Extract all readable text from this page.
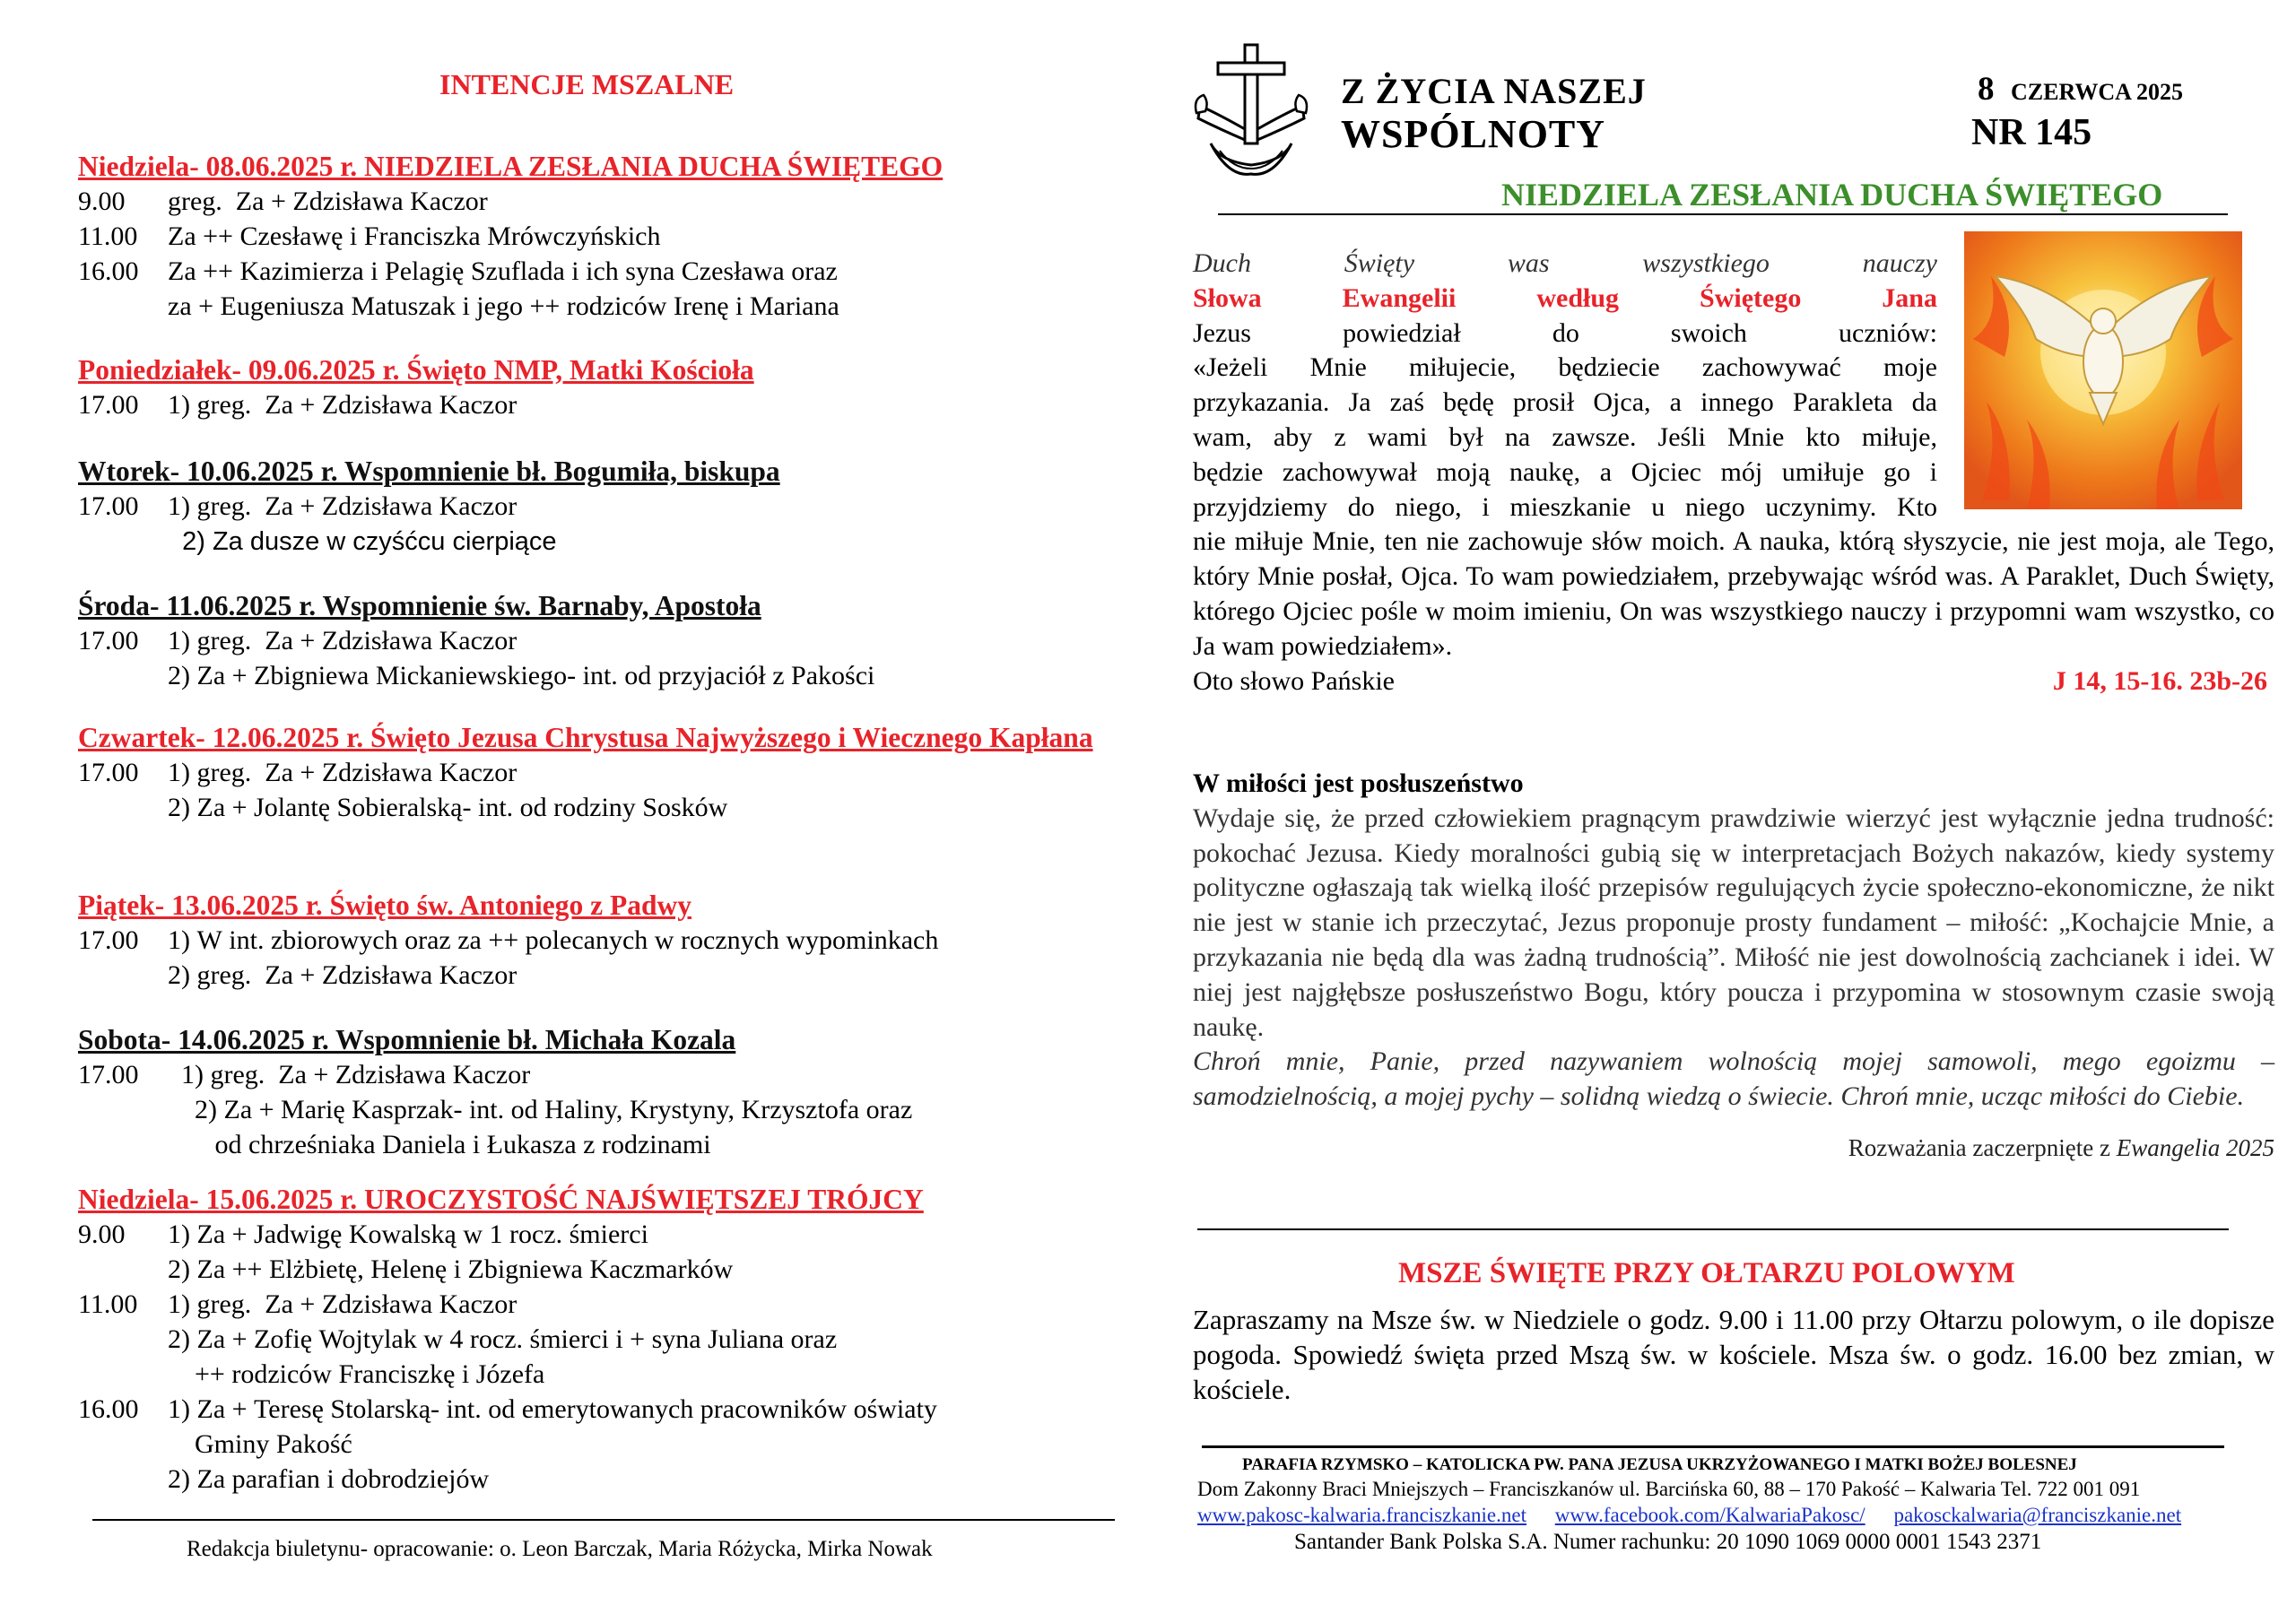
INTENCJE MSZALNE
Niedziela- 08.06.2025 r. NIEDZIELA ZESŁANIA DUCHA ŚWIĘTEGO
9.00 greg.  Za + Zdzisława Kaczor
11.00 Za ++ Czesławę i Franciszka Mrówczyńskich
16.00 Za ++ Kazimierza i Pelagię Szuflada i ich syna Czesława oraz
za + Eugeniusza Matuszak i jego ++ rodziców Irenę i Mariana
Poniedziałek- 09.06.2025 r. Święto NMP, Matki Kościoła
17.00 1) greg.  Za + Zdzisława Kaczor
Wtorek- 10.06.2025 r. Wspomnienie bł. Bogumiła, biskupa
17.00 1) greg.  Za + Zdzisława Kaczor
2) Za dusze w czyśćcu cierpiące
Środa- 11.06.2025 r. Wspomnienie św. Barnaby, Apostoła
17.00 1) greg.  Za + Zdzisława Kaczor
2) Za + Zbigniewa Mickaniewskiego- int. od przyjaciół z Pakości
Czwartek- 12.06.2025 r. Święto Jezusa Chrystusa Najwyższego i Wiecznego Kapłana
17.00 1) greg.  Za + Zdzisława Kaczor
2) Za + Jolantę Sobieralską- int. od rodziny Sosków
Piątek- 13.06.2025 r. Święto św. Antoniego z Padwy
17.00 1) W int. zbiorowych oraz za ++ polecanych w rocznych wypominkach
2) greg.  Za + Zdzisława Kaczor
Sobota- 14.06.2025 r. Wspomnienie bł. Michała Kozala
17.00  1) greg.  Za + Zdzisława Kaczor
2) Za + Marię Kasprzak- int. od Haliny, Krystyny, Krzysztofa oraz
od chrześniaka Daniela i Łukasza z rodzinami
Niedziela- 15.06.2025 r. UROCZYSTOŚĆ NAJŚWIĘTSZEJ TRÓJCY
9.00 1) Za + Jadwigę Kowalską w 1 rocz. śmierci
2) Za ++ Elżbietę, Helenę i Zbigniewa Kaczmarków
11.00 1) greg.  Za + Zdzisława Kaczor
2) Za + Zofię Wojtylak w 4 rocz. śmierci i + syna Juliana oraz
++ rodziców Franciszkę i Józefa
16.00 1) Za + Teresę Stolarską- int. od emerytowanych pracowników oświaty
Gminy Pakość
2) Za parafian i dobrodziejów
Redakcja biuletynu- opracowanie: o. Leon Barczak, Maria Różycka, Mirka Nowak
Z ŻYCIA NASZEJ
WSPÓLNOTY
8 CZERWCA 2025
NR 145
NIEDZIELA ZESŁANIA DUCHA ŚWIĘTEGO
Duch Święty was wszystkiego nauczy
Słowa Ewangelii według Świętego Jana
Jezus powiedział do swoich uczniów:
«Jeżeli Mnie miłujecie, będziecie zachowywać moje
przykazania. Ja zaś będę prosił Ojca, a innego Parakleta da
wam, aby z wami był na zawsze. Jeśli Mnie kto miłuje,
będzie zachowywał moją naukę, a Ojciec mój umiłuje go i
przyjdziemy do niego, i mieszkanie u niego uczynimy. Kto
nie miłuje Mnie, ten nie zachowuje słów moich. A nauka, którą słyszycie, nie jest moja, ale Tego, który Mnie posłał, Ojca. To wam powiedziałem, przebywając wśród was. A Paraklet, Duch Święty, którego Ojciec pośle w moim imieniu, On was wszystkiego nauczy i przypomni wam wszystko, co Ja wam powiedziałem».
Oto słowo Pańskie	J 14, 15-16. 23b-26
W miłości jest posłuszeństwo
Wydaje się, że przed człowiekiem pragnącym prawdziwie wierzyć jest wyłącznie jedna trudność: pokochać Jezusa. Kiedy moralności gubią się w interpretacjach Bożych nakazów, kiedy systemy polityczne ogłaszają tak wielką ilość przepisów regulujących życie społeczno-ekonomiczne, że nikt nie jest w stanie ich przeczytać, Jezus proponuje prosty fundament – miłość: „Kochajcie Mnie, a przykazania nie będą dla was żadną trudnością”. Miłość nie jest dowolnością zachcianek i idei. W niej jest najgłębsze posłuszeństwo Bogu, który poucza i przypomina w stosownym czasie swoją naukę.
Chroń mnie, Panie, przed nazywaniem wolnością mojej samowoli, mego egoizmu – samodzielnością, a mojej pychy – solidną wiedzą o świecie. Chroń mnie, ucząc miłości do Ciebie.
Rozważania zaczerpnięte z Ewangelia 2025
MSZE ŚWIĘTE PRZY OŁTARZU POLOWYM
Zapraszamy na Msze św. w Niedziele o godz. 9.00 i 11.00 przy Ołtarzu polowym, o ile dopisze pogoda. Spowiedź święta przed Mszą św. w kościele. Msza św. o godz. 16.00 bez zmian, w kościele.
PARAFIA RZYMSKO – KATOLICKA PW. PANA JEZUSA UKRZYŻOWANEGO I MATKI BOŻEJ BOLESNEJ
Dom Zakonny Braci Mniejszych – Franciszkanów ul. Barcińska 60, 88 – 170 Pakość – Kalwaria Tel. 722 001 091
www.pakosc-kalwaria.franciszkanie.net www.facebook.com/KalwariaPakosc/ pakosckalwaria@franciszkanie.net
Santander Bank Polska S.A. Numer rachunku: 20 1090 1069 0000 0001 1543 2371
